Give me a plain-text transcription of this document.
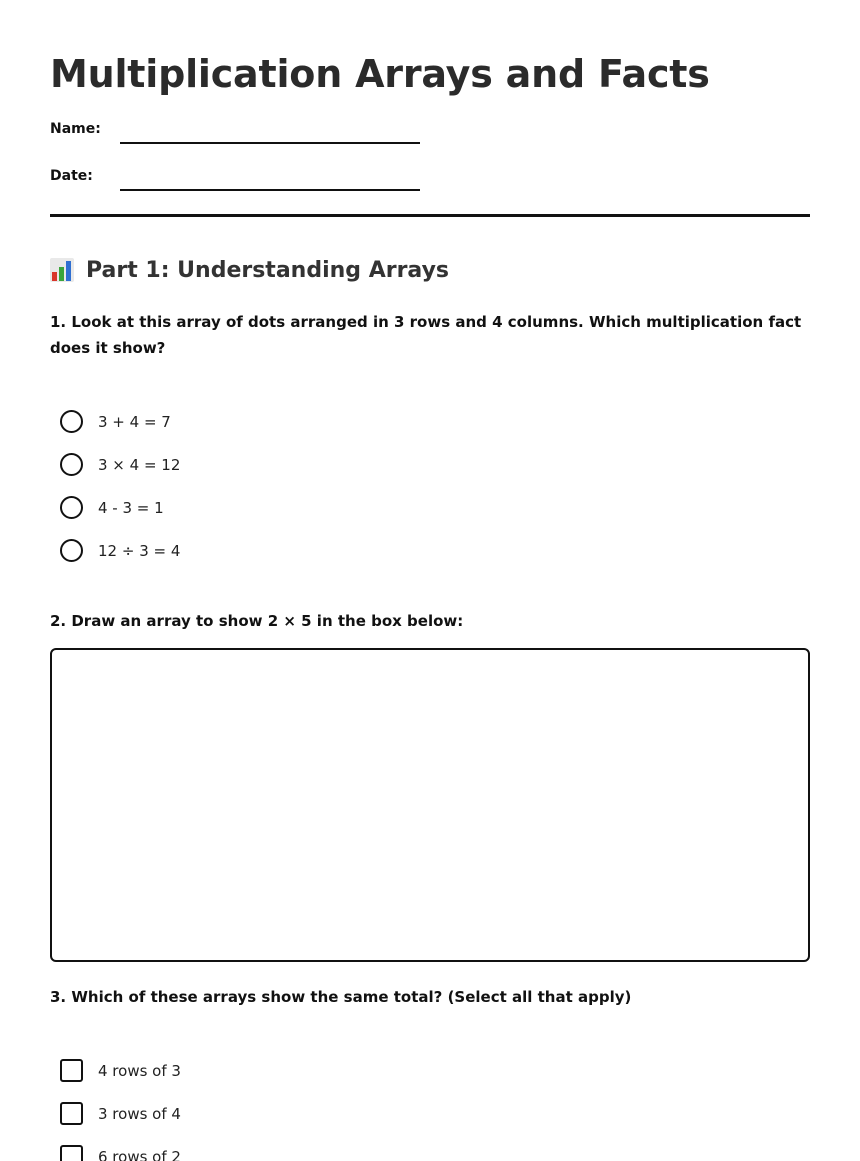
Multiplication Arrays and Facts
Name:
Date:
Part 1: Understanding Arrays

1. Look at this array of dots arranged in 3 rows and 4 columns. Which multiplication fact does it show?

3 + 4 = 7
3 × 4 = 12
4 - 3 = 1
12 ÷ 3 = 4

2. Draw an array to show 2 × 5 in the box below:

3. Which of these arrays show the same total? (Select all that apply)

4 rows of 3
3 rows of 4
6 rows of 2
